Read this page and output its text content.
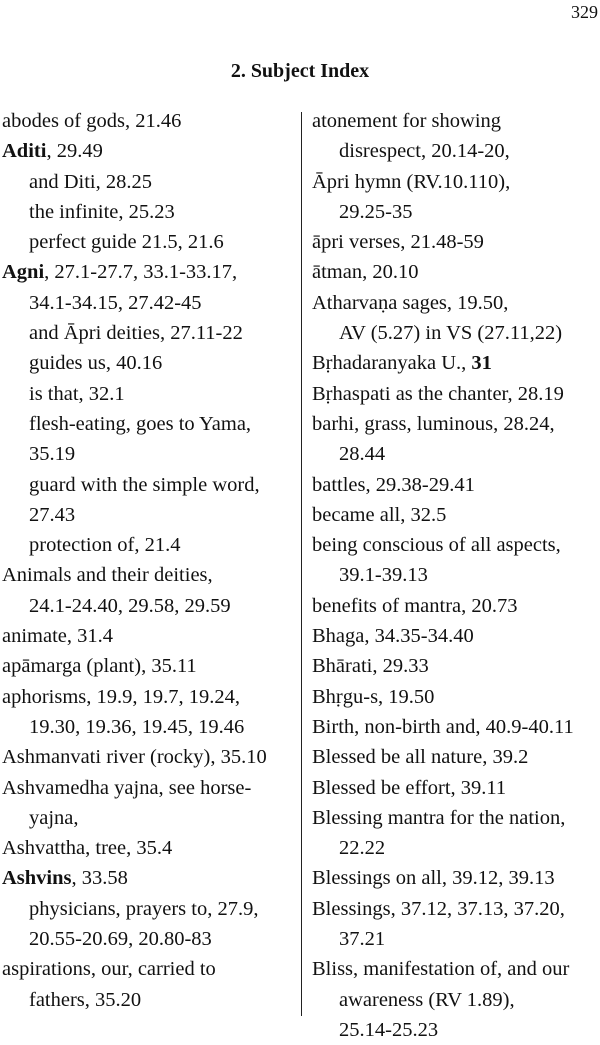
329
2. Subject Index
abodes of gods, 21.46
Aditi, 29.49
and Diti, 28.25
the infinite, 25.23
perfect guide 21.5, 21.6
Agni, 27.1-27.7, 33.1-33.17,
34.1-34.15, 27.42-45
and Āpri deities, 27.11-22
guides us, 40.16
is that, 32.1
flesh-eating, goes to Yama,
35.19
guard with the simple word,
27.43
protection of, 21.4
Animals and their deities,
24.1-24.40, 29.58, 29.59
animate, 31.4
apāmarga (plant), 35.11
aphorisms, 19.9, 19.7, 19.24,
19.30, 19.36, 19.45, 19.46
Ashmanvati river (rocky), 35.10
Ashvamedha yajna, see horse-
yajna,
Ashvattha, tree, 35.4
Ashvins, 33.58
physicians, prayers to, 27.9,
20.55-20.69, 20.80-83
aspirations, our, carried to
fathers, 35.20
atonement for showing
disrespect, 20.14-20,
Āpri hymn (RV.10.110),
29.25-35
āpri verses, 21.48-59
ātman, 20.10
Atharvaṇa sages, 19.50,
AV (5.27) in VS (27.11,22)
Bṛhadaranyaka U., 31
Bṛhaspati as the chanter, 28.19
barhi, grass, luminous, 28.24,
28.44
battles, 29.38-29.41
became all, 32.5
being conscious of all aspects,
39.1-39.13
benefits of mantra, 20.73
Bhaga, 34.35-34.40
Bhārati, 29.33
Bhṛgu-s, 19.50
Birth, non-birth and, 40.9-40.11
Blessed be all nature, 39.2
Blessed be effort, 39.11
Blessing mantra for the nation,
22.22
Blessings on all, 39.12, 39.13
Blessings, 37.12, 37.13, 37.20,
37.21
Bliss, manifestation of, and our
awareness (RV 1.89),
25.14-25.23
